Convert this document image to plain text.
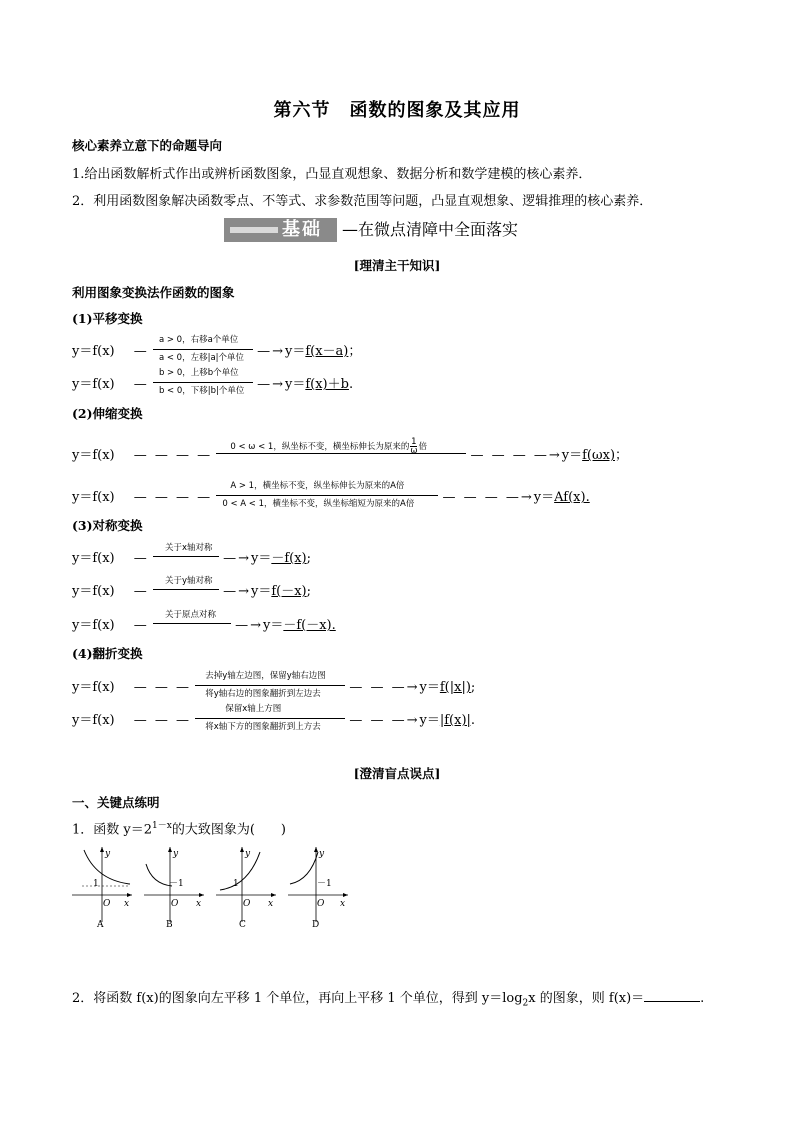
第六节　函数的图象及其应用
核心素养立意下的命题导向
1.给出函数解析式作出或辨析函数图象，凸显直观想象、数据分析和数学建模的核心素养．
2．利用函数图象解决函数零点、不等式、求参数范围等问题，凸显直观想象、逻辑推理的核心素养．
基础 —在微点清障中全面落实
[理清主干知识]
利用图象变换法作函数的图象
(1)平移变换
y＝f(x) 　—
a > 0，右移a个单位
a < 0，左移|a|个单位 —→y＝f(x－a)；
y＝f(x) 　—
b > 0，上移b个单位
b < 0，下移|b|个单位 —→y＝f(x)＋b.
(2)伸缩变换
y＝f(x) 　— — — —
0 < ω < 1，纵坐标不变，横坐标伸长为原来的 $\frac{1}{\omega}$ 倍
— — — —→y＝f(ωx)；
y＝f(x) 　— — — —
A > 1，横坐标不变，纵坐标伸长为原来的A倍
0 < A < 1，横坐标不变，纵坐标缩短为原来的A倍 — — — —→y＝Af(x).
(3)对称变换
y＝f(x) 　—
关于x轴对称
—→y＝－f(x);
y＝f(x) 　—
关于y轴对称
—→y＝f(－x);
y＝f(x) 　—
关于原点对称
—→y＝－f(－x).
(4)翻折变换
y＝f(x) 　— — —
去掉y轴左边图，保留y轴右边图
将y轴右边的图象翻折到左边去 — — —→y＝f(|x|);
y＝f(x) 　— — —
保留x轴上方图
将x轴下方的图象翻折到上方去 — — —→y＝|f(x)|.
[澄清盲点误点]
一、关键点练明
1．函数 $y=2^{1-x}$的大致图象为(　　)
y
x
O
1
A
y
x
O
－1
B
y
x
O
1
C
y
x
O
－1
D
2．将函数 f(x)的图象向左平移 1 个单位，再向上平移 1 个单位，得到 $y=\log_2x$ 的图象，则 f(x)＝	.
